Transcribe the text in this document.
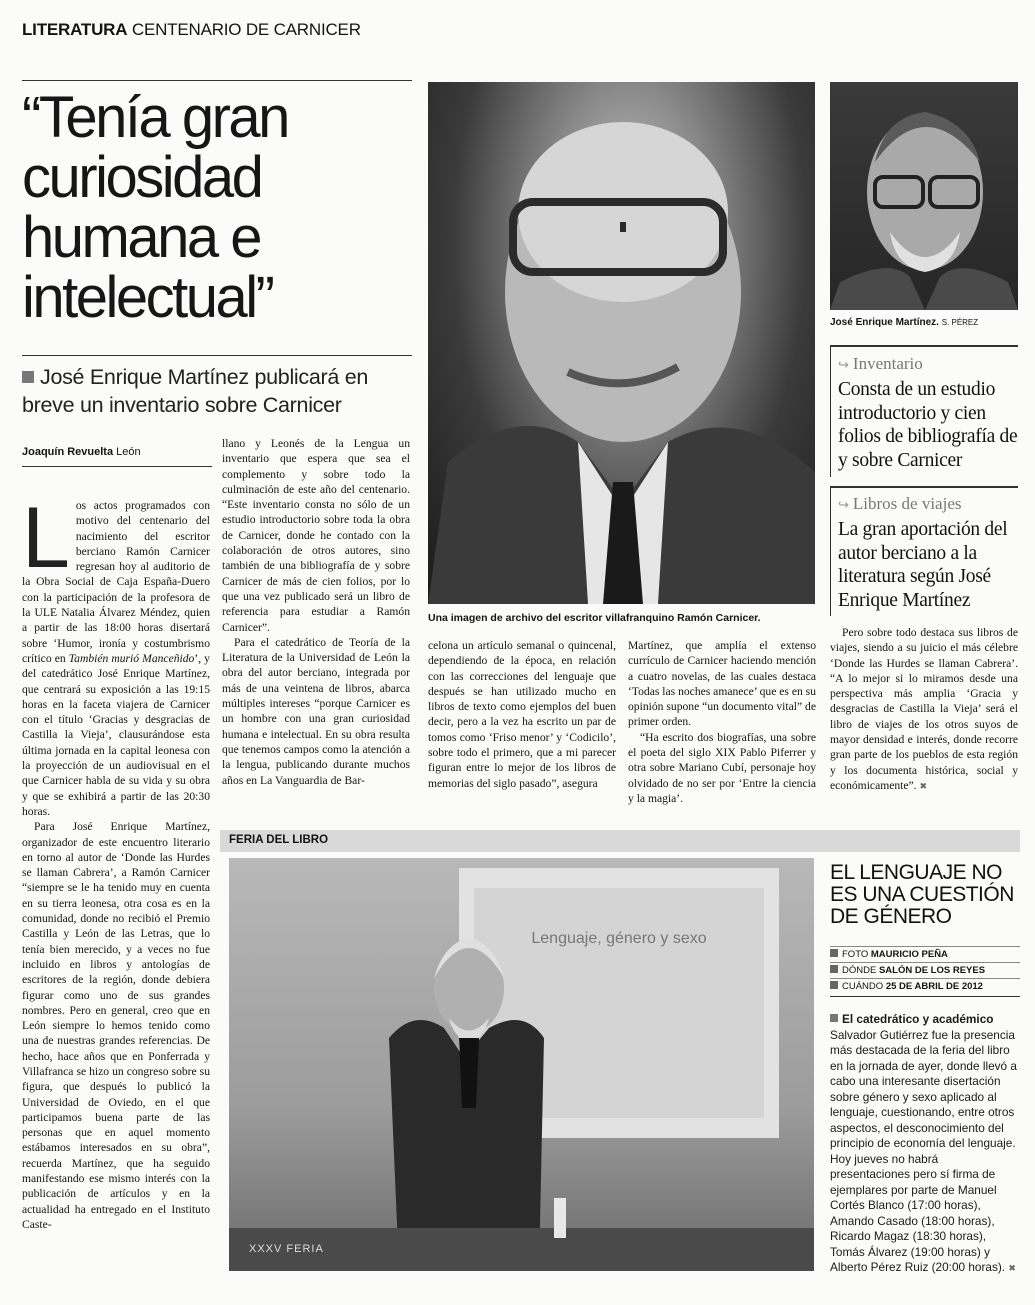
LITERATURA CENTENARIO DE CARNICER
“Tenía gran curiosidad humana e intelectual”
José Enrique Martínez publicará en breve un inventario sobre Carnicer
Joaquín Revuelta León

Los actos programados con motivo del centenario del nacimiento del escritor berciano Ramón Carnicer regresan hoy al auditorio de la Obra Social de Caja España-Duero con la participación de la profesora de la ULE Natalia Álvarez Méndez, quien a partir de las 18:00 horas disertará sobre ‘Humor, ironía y costumbrismo crítico en También murió Manceñido’, y del catedrático José Enrique Martínez, que centrará su exposición a las 19:15 horas en la faceta viajera de Carnicer con el título ‘Gracias y desgracias de Castilla la Vieja’, clausurándose esta última jornada en la capital leonesa con la proyección de un audiovisual en el que Carnicer habla de su vida y su obra y que se exhibirá a partir de las 20:30 horas.

Para José Enrique Martínez, organizador de este encuentro literario en torno al autor de ‘Donde las Hurdes se llaman Cabrera’, a Ramón Carnicer “siempre se le ha tenido muy en cuenta en su tierra leonesa, otra cosa es en la comunidad, donde no recibió el Premio Castilla y León de las Letras, que lo tenía bien merecido, y a veces no fue incluido en libros y antologías de escritores de la región, donde debiera figurar como uno de sus grandes nombres. Pero en general, creo que en León siempre lo hemos tenido como una de nuestras grandes referencias. De hecho, hace años que en Ponferrada y Villafranca se hizo un congreso sobre su figura, que después lo publicó la Universidad de Oviedo, en el que participamos buena parte de las personas que en aquel momento estábamos interesados en su obra”, recuerda Martínez, que ha seguido manifestando ese mismo interés con la publicación de artículos y en la actualidad ha entregado en el Instituto Caste-

llano y Leonés de la Lengua un inventario que espera que sea el complemento y sobre todo la culminación de este año del centenario. “Este inventario consta no sólo de un estudio introductorio sobre toda la obra de Carnicer, donde he contado con la colaboración de otros autores, sino también de una bibliografía de y sobre Carnicer de más de cien folios, por lo que una vez publicado será un libro de referencia para estudiar a Ramón Carnicer”.

Para el catedrático de Teoría de la Literatura de la Universidad de León la obra del autor berciano, integrada por más de una veintena de libros, abarca múltiples intereses “porque Carnicer es un hombre con una gran curiosidad humana e intelectual. En su obra resulta que tenemos campos como la atención a la lengua, publicando durante muchos años en La Vanguardia de Bar-

Una imagen de archivo del escritor villafranquino Ramón Carnicer.
José Enrique Martínez. S. PÉREZ
↪ Inventario
Consta de un estudio introductorio y cien folios de bibliografía de y sobre Carnicer
↪ Libros de viajes
La gran aportación del autor berciano a la literatura según José Enrique Martínez
celona un artículo semanal o quincenal, dependiendo de la época, en relación con las correcciones del lenguaje que después se han utilizado mucho en libros de texto como ejemplos del buen decir, pero a la vez ha escrito un par de tomos como ‘Friso menor’ y ‘Codicilo’, sobre todo el primero, que a mi parecer figuran entre lo mejor de los libros de memorias del siglo pasado”, asegura

Martínez, que amplía el extenso currículo de Carnicer haciendo mención a cuatro novelas, de las cuales destaca ‘Todas las noches amanece’ que es en su opinión supone “un documento vital” de primer orden.

“Ha escrito dos biografías, una sobre el poeta del siglo XIX Pablo Piferrer y otra sobre Mariano Cubí, personaje hoy olvidado de no ser por ‘Entre la ciencia y la magia’.

Pero sobre todo destaca sus libros de viajes, siendo a su juicio el más célebre ‘Donde las Hurdes se llaman Cabrera’. “A lo mejor si lo miramos desde una perspectiva más amplia ‘Gracia y desgracias de Castilla la Vieja’ será el libro de viajes de los otros suyos de mayor densidad e interés, donde recorre gran parte de los pueblos de esta región y los documenta histórica, social y económicamente”. ✖

FERIA DEL LIBRO
Lenguaje, género y sexo
XXXV FERIA
EL LENGUAJE NO ES UNA CUESTIÓN DE GÉNERO
FOTO MAURICIO PEÑA
DÓNDE SALÓN DE LOS REYES
CUÁNDO 25 DE ABRIL DE 2012
El catedrático y académico Salvador Gutiérrez fue la presencia más destacada de la feria del libro en la jornada de ayer, donde llevó a cabo una interesante disertación sobre género y sexo aplicado al lenguaje, cuestionando, entre otros aspectos, el desconocimiento del principio de economía del lenguaje. Hoy jueves no habrá presentaciones pero sí firma de ejemplares por parte de Manuel Cortés Blanco (17:00 horas), Amando Casado (18:00 horas), Ricardo Magaz (18:30 horas), Tomás Álvarez (19:00 horas) y Alberto Pérez Ruiz (20:00 horas). ✖
